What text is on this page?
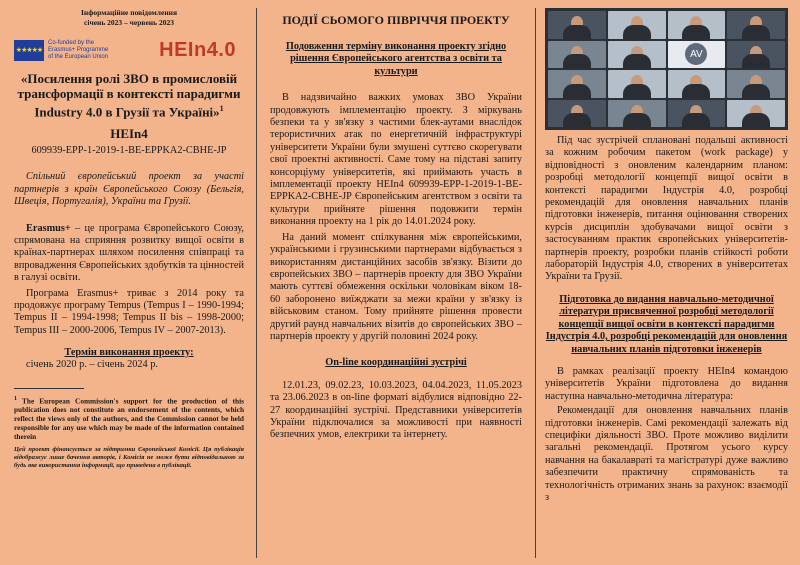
Інформаційне повідомлення
січень 2023 – червень 2023
★★★★★
Co-funded by the
Erasmus+ Programme
of the European Union	HEIn4.0
«Посилення ролі ЗВО в промисловій трансформації в контексті парадигми Industry 4.0 в Грузії та Україні»$^1$
HEIn4
609939-EPP-1-2019-1-BE-EPPKA2-CBHE-JP
Спільний європейський проект за участі партнерів з країн Європейського Союзу (Бельгія, Швеція, Португалія), України та Грузії.

Erasmus+ – це програма Європейського Союзу, спрямована на сприяння розвитку вищої освіти в країнах-партнерах шляхом посилення співпраці та впровадження Європейських здобутків та цінностей в галузі освіти.

Програма Erasmus+ триває з 2014 року та продовжує програму Tempus (Tempus I – 1990-1994; Tempus II – 1994-1998; Tempus II bis – 1998-2000; Tempus III – 2000-2006, Tempus IV – 2007-2013).

Термін виконання проекту:
січень 2020 р. – січень 2024 р.
$^1$ The European Commission's support for the production of this publication does not constitute an endorsement of the contents, which reflect the views only of the authors, and the Commission cannot be held responsible for any use which may be made of the information contained therein
Цей проект фінансується за підтримки Європейської Комісії. Ця публікація відображує лише бачення авторів, і Комісія не може бути відповідальною за будь яке використання інформації, що приведена в публікації.
ПОДІЇ СЬОМОГО ПІВРІЧЧЯ ПРОЕКТУ
Подовження терміну виконання проекту згідно рішення Європейського агентства з освіти та культури

В надзвичайно важких умовах ЗВО України продовжують імплементацію проекту. З міркувань безпеки та у зв'язку з частими блек-аутами внаслідок терористичних атак по енергетичній інфраструктурі університети України були змушені суттєво скорегувати свої проектні активності. Саме тому на підставі запиту консорціуму університетів, які приймають участь в імплементації проекту HEIn4 609939-EPP-1-2019-1-BE-EPPKA2-CBHE-JP Європейським агентством з освіти та культури прийняте рішення подовжити термін виконання проекту на 1 рік до 14.01.2024 року.

На даний момент спілкування між європейськими, українськими і грузинськими партнерами відбувається з використанням дистанційних засобів зв'язку. Візити до європейських ЗВО – партнерів проекту для ЗВО України мають суттєві обмеження оскільки чоловікам віком 18-60 заборонено виїжджати за межи країни у зв'язку із військовим станом. Тому прийняте рішення провести другий раунд навчальних візитів до європейських ЗВО – партнерів проекту у другій половині 2024 року.

On-line координаційні зустрічі

12.01.23, 09.02.23, 10.03.2023, 04.04.2023, 11.05.2023 та 23.06.2023 в on-line форматі відбулися відповідно 22-27 координаційні зустрічі. Представники університетів України підключалися за можливості при наявності безпечних умов, електрики та інтернету.

AV

Під час зустрічей сплановані подальші активності за кожним робочим пакетом (work package) у відповідності з оновленим календарним планом: розробці методології концепції вищої освіти в контексті парадигми Індустрія 4.0, розробці рекомендацій для оновлення навчальних планів підготовки інженерів, питання оцінювання створених курсів дисциплін здобувачами вищої освіти з застосуванням практик європейських університетів-партнерів проекту, розробки планів стійкості роботи лабораторій Індустрія 4.0, створених в університетах України та Грузії.

Підготовка до видання навчально-методичної літератури присвяченної розробці методології концепції вищої освіти в контексті парадигми Індустрія 4.0, розробці рекомендацій для оновлення навчальних планів підготовки інженерів

В рамках реалізації проекту HEIn4 командою університетів України підготовлена до видання наступна навчально-методична література:

Рекомендації для оновлення навчальних планів підготовки інженерів. Самі рекомендації залежать від специфіки діяльності ЗВО. Проте можливо виділити загальні рекомендації. Протягом усього курсу навчання на бакалавраті та магістратурі дуже важливо забезпечити практичну спрямованість та технологічність отриманих знань за рахунок: взаємодії з
